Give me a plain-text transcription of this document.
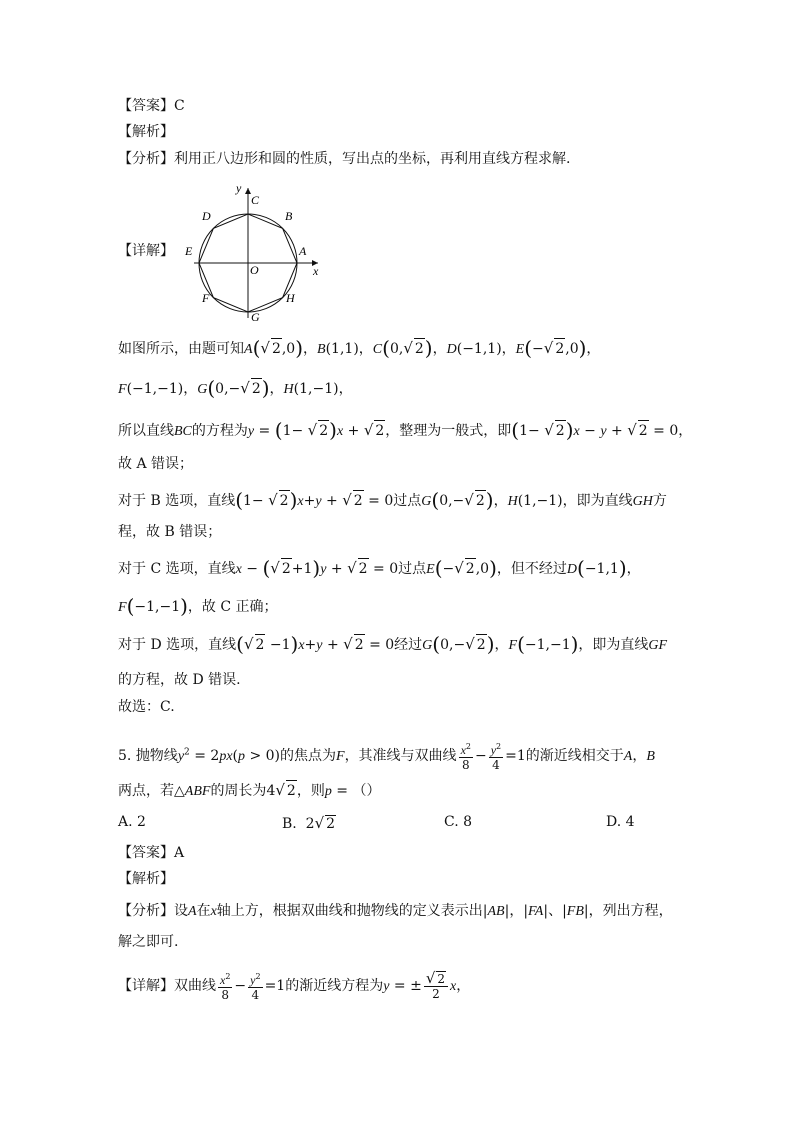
【答案】C
【解析】
【分析】利用正八边形和圆的性质，写出点的坐标，再利用直线方程求解.
【详解】
y
C
D	B
E	A
O	x
F	H
G
如图所示，由题可知A(√ 2,0)，B(1,1)，C(0,√ 2)，D(−1,1)，E(−√ 2,0)，
F(−1,−1)，G(0,−√ 2)，H(1,−1)，
所以直线BC的方程为y = (1− √ 2)x + √ 2，整理为一般式，即(1− √ 2)x − y + √ 2 = 0，
故 A 错误；
对于 B 选项，直线(1− √ 2)x+y + √ 2 = 0过点G(0,−√ 2)，H(1,−1)，即为直线GH方
程，故 B 错误；
对于 C 选项，直线x − (√ 2+1)y + √ 2 = 0过点E(−√ 2,0)，但不经过D(−1,1)，
F(−1,−1)，故 C 正确；
对于 D 选项，直线(√ 2 −1)x+y + √ 2 = 0经过G(0,−√ 2)，F(−1,−1)，即为直线GF
的方程，故 D 错误.
故选：C.
5. 抛物线$y^2 = 2px(p > 0)$的焦点为F，其准线与双曲线 $\frac{x^2}{8} - \frac{y^2}{4} =1$的渐近线相交于A，B
两点，若△ABF的周长为4√ 2，则p = （）
A. 2	B.  2√ 2	C. 8	D. 4
【答案】A
【解析】
【分析】设A在x轴上方，根据双曲线和抛物线的定义表示出|AB|，|FA|、|FB|，列出方程，
解之即可.
【详解】双曲线 $\frac{x^2}{8} - \frac{y^2}{4} =1$的渐近线方程为y = ± $\frac{√ 2}{2}$ x，
